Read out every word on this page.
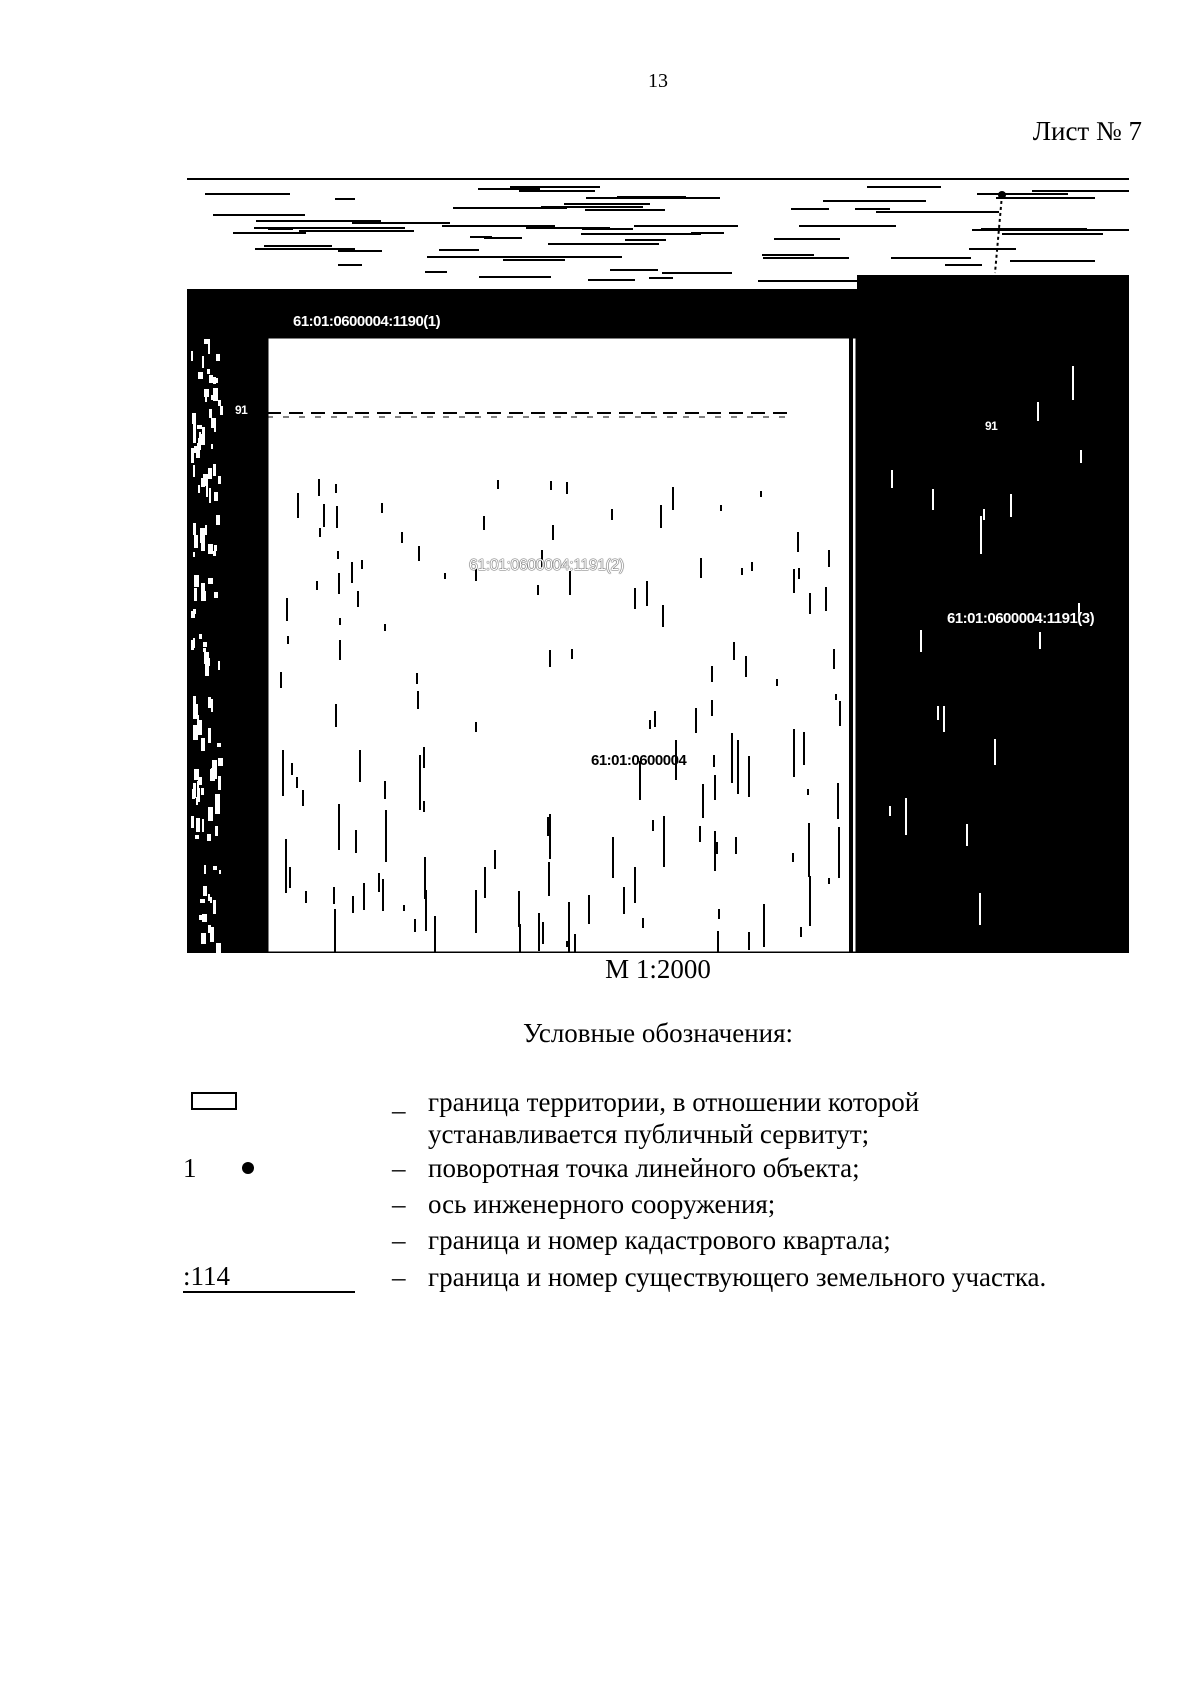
13
Лист № 7
61:01:0600004:1190(1)
61:01:0600004:1191(2)
61:01:0600004:1191(3)
61:01:0600004
91
91
М 1:2000
Условные обозначения:
– граница территории, в отношении которой
устанавливается публичный сервитут;
1	– поворотная точка линейного объекта;
– ось инженерного сооружения;
– граница и номер кадастрового квартала;
:114	– граница и номер существующего земельного участка.
